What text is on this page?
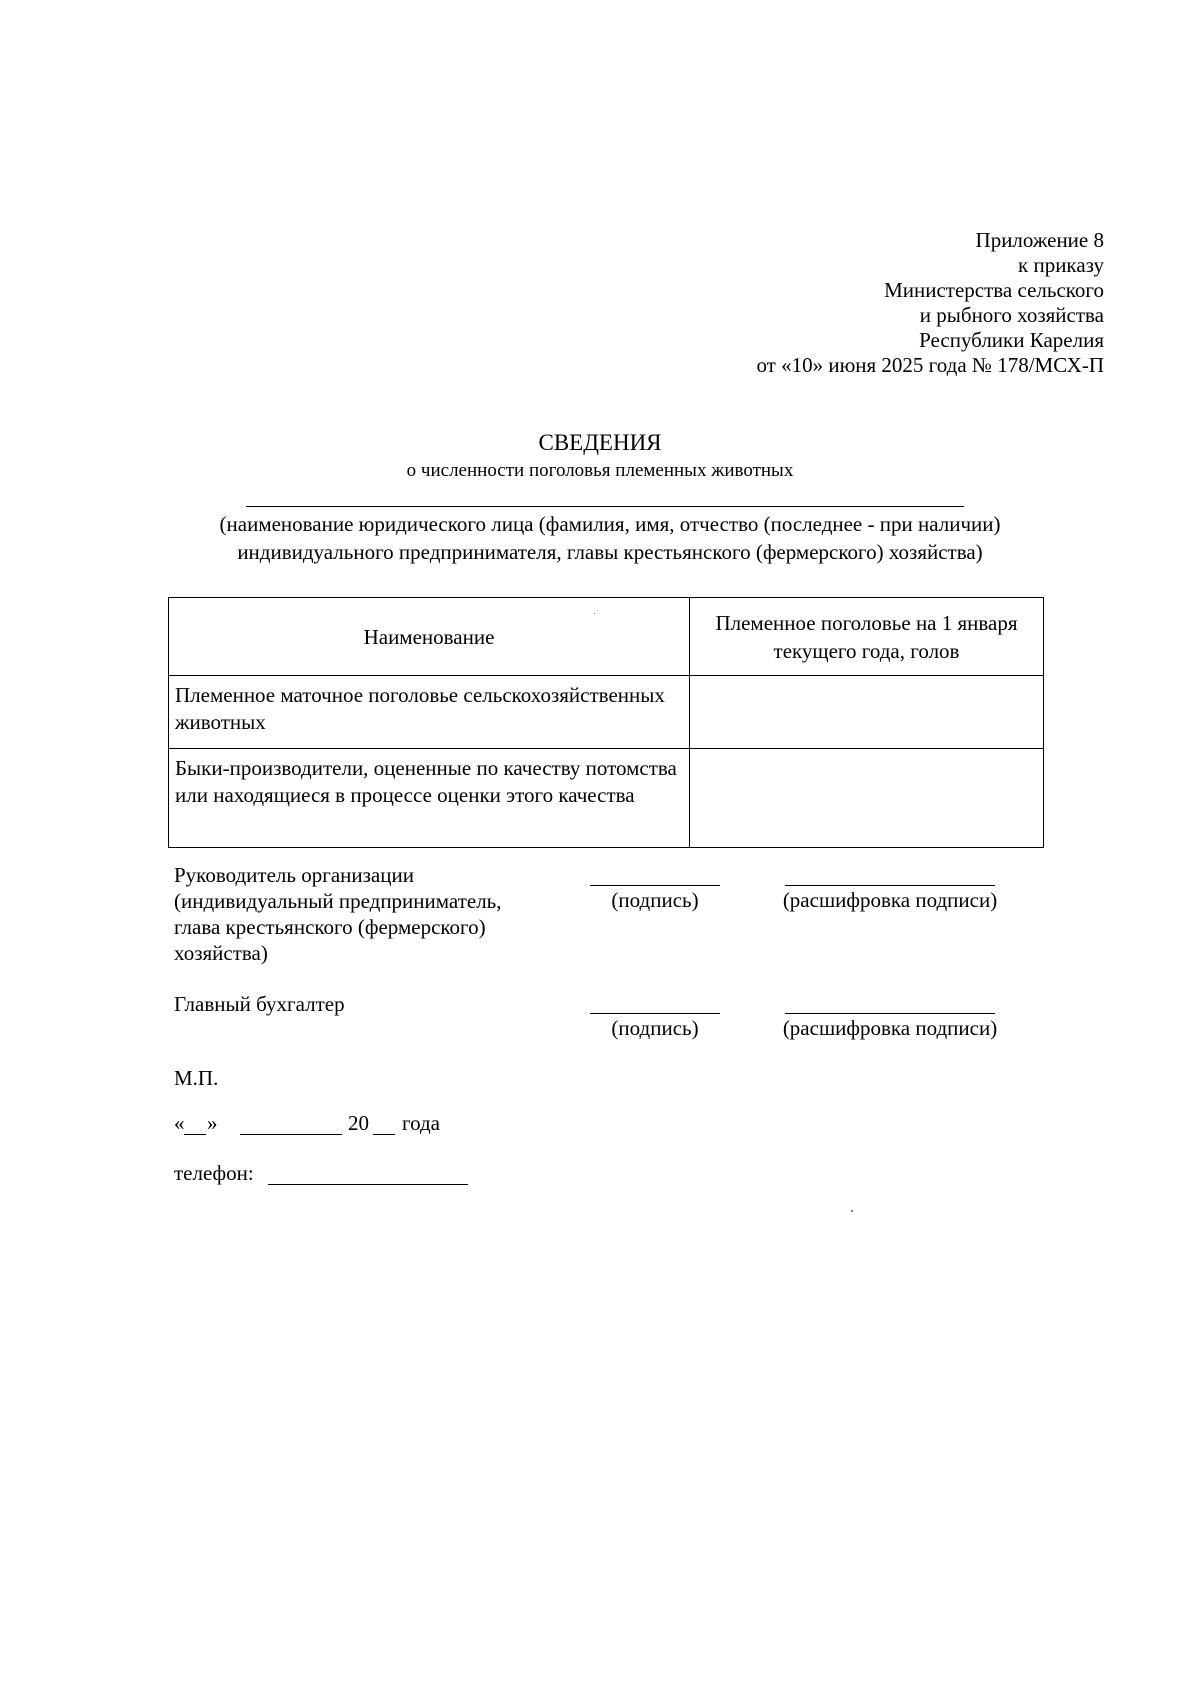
Приложение 8
к приказу
Министерства сельского
и рыбного хозяйства
Республики Карелия
от «10» июня 2025 года № 178/МСХ-П
СВЕДЕНИЯ
о численности поголовья племенных животных
(наименование юридического лица (фамилия, имя, отчество (последнее - при наличии) индивидуального предпринимателя, главы крестьянского (фермерского) хозяйства)
Наименование	Племенное поголовье на 1 января текущего года, голов
Племенное маточное поголовье сельскохозяйственных животных	
Быки-производители, оцененные по качеству потомства или находящиеся в процессе оценки этого качества	
Руководитель организации
(индивидуальный предприниматель,
глава крестьянского (фермерского)
хозяйства)
(подпись)	(расшифровка подписи)
Главный бухгалтер
(подпись)	(расшифровка подписи)
М.П.
« »	20 года
телефон:
